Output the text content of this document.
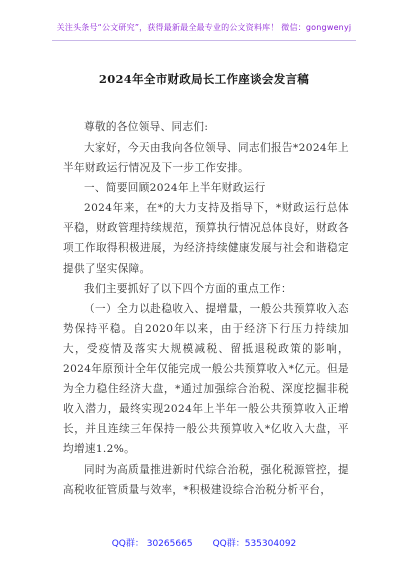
关注头条号“公文研究”，获得最新最全最专业的公文资料库！ 微信：gongwenyj
2024年全市财政局长工作座谈会发言稿

尊敬的各位领导、同志们:

大家好，今天由我向各位领导、同志们报告*2024年上半年财政运行情况及下一步工作安排。

一、简要回顾2024年上半年财政运行

2024年来，在*的大力支持及指导下，*财政运行总体平稳，财政管理持续规范，预算执行情况总体良好，财政各项工作取得积极进展，为经济持续健康发展与社会和谐稳定提供了坚实保障。

我们主要抓好了以下四个方面的重点工作：

（一）全力以赴稳收入、提增量，一般公共预算收入态势保持平稳。自2020年以来，由于经济下行压力持续加大，受疫情及落实大规模减税、留抵退税政策的影响，2024年原预计全年仅能完成一般公共预算收入*亿元。但是为全力稳住经济大盘，*通过加强综合治税、深度挖掘非税收入潜力，最终实现2024年上半年一般公共预算收入正增长，并且连续三年保持一般公共预算收入*亿收入大盘，平均增速1.2%。

同时为高质量推进新时代综合治税，强化税源管控，提高税收征管质量与效率，*积极建设综合治税分析平台，

QQ群： 30265665       QQ群：535304092
